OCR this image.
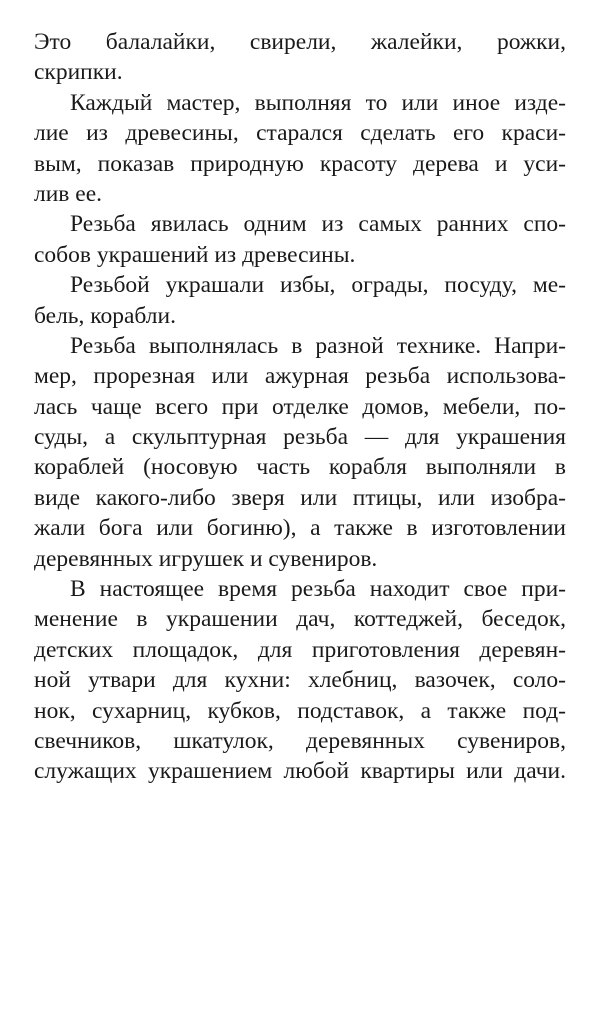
Это балалайки, свирели, жалейки, рожки,
скрипки.
Каждый мастер, выполняя то или иное изде-
лие из древесины, старался сделать его краси-
вым, показав природную красоту дерева и уси-
лив ее.
Резьба явилась одним из самых ранних спо-
собов украшений из древесины.
Резьбой украшали избы, ограды, посуду, ме-
бель, корабли.
Резьба выполнялась в разной технике. Напри-
мер, прорезная или ажурная резьба использова-
лась чаще всего при отделке домов, мебели, по-
суды, а скульптурная резьба — для украшения
кораблей (носовую часть корабля выполняли в
виде какого-либо зверя или птицы, или изобра-
жали бога или богиню), а также в изготовлении
деревянных игрушек и сувениров.
В настоящее время резьба находит свое при-
менение в украшении дач, коттеджей, беседок,
детских площадок, для приготовления деревян-
ной утвари для кухни: хлебниц, вазочек, соло-
нок, сухарниц, кубков, подставок, а также под-
свечников, шкатулок, деревянных сувениров,
служащих украшением любой квартиры или дачи.
